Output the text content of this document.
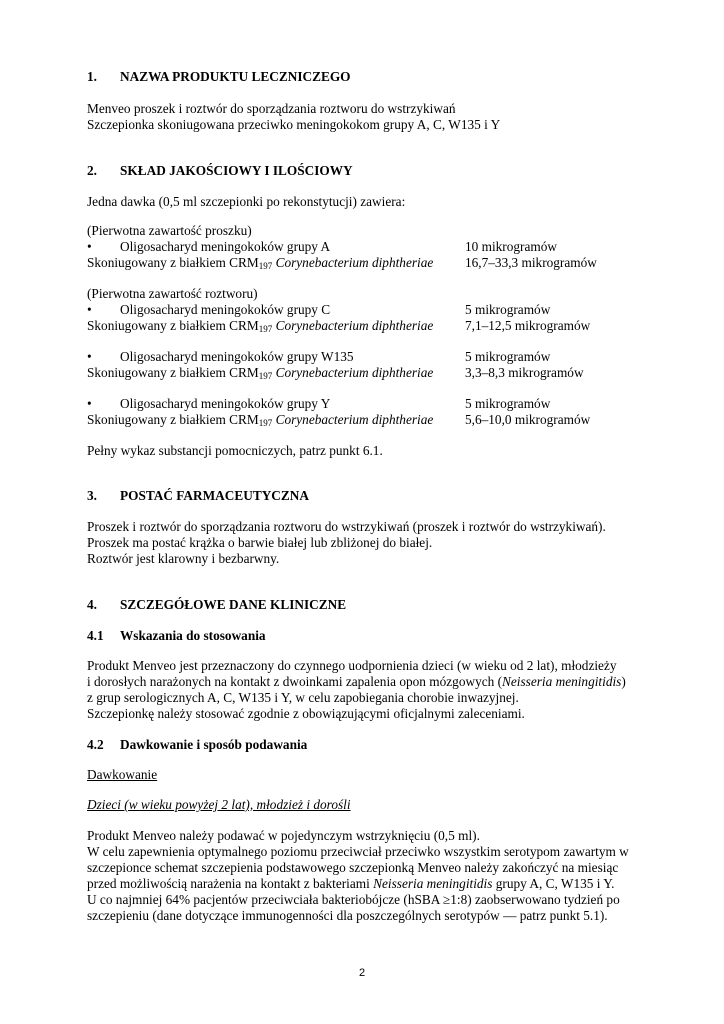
1. NAZWA PRODUKTU LECZNICZEGO
Menveo proszek i roztwór do sporządzania roztworu do wstrzykiwań
Szczepionka skoniugowana przeciwko meningokokom grupy A, C, W135 i Y
2. SKŁAD JAKOŚCIOWY I ILOŚCIOWY
Jedna dawka (0,5 ml szczepionki po rekonstytucji) zawiera:
(Pierwotna zawartość proszku)
• Oligosacharyd meningokoków grupy A	10 mikrogramów
Skoniugowany z białkiem $CRM_{197}$ Corynebacterium diphtheriae 16,7–33,3 mikrogramów
(Pierwotna zawartość roztworu)
• Oligosacharyd meningokoków grupy C	5 mikrogramów
Skoniugowany z białkiem $CRM_{197}$ Corynebacterium diphtheriae 7,1–12,5 mikrogramów
• Oligosacharyd meningokoków grupy W135	5 mikrogramów
Skoniugowany z białkiem $CRM_{197}$ Corynebacterium diphtheriae 3,3–8,3 mikrogramów
• Oligosacharyd meningokoków grupy Y	5 mikrogramów
Skoniugowany z białkiem $CRM_{197}$ Corynebacterium diphtheriae 5,6–10,0 mikrogramów
Pełny wykaz substancji pomocniczych, patrz punkt 6.1.
3. POSTAĆ FARMACEUTYCZNA
Proszek i roztwór do sporządzania roztworu do wstrzykiwań (proszek i roztwór do wstrzykiwań).
Proszek ma postać krążka o barwie białej lub zbliżonej do białej.
Roztwór jest klarowny i bezbarwny.
4. SZCZEGÓŁOWE DANE KLINICZNE
4.1 Wskazania do stosowania
Produkt Menveo jest przeznaczony do czynnego uodpornienia dzieci (w wieku od 2 lat), młodzieży
i dorosłych narażonych na kontakt z dwoinkami zapalenia opon mózgowych (Neisseria meningitidis)
z grup serologicznych A, C, W135 i Y, w celu zapobiegania chorobie inwazyjnej.
Szczepionkę należy stosować zgodnie z obowiązującymi oficjalnymi zaleceniami.
4.2 Dawkowanie i sposób podawania
Dawkowanie
Dzieci (w wieku powyżej 2 lat), młodzież i dorośli
Produkt Menveo należy podawać w pojedynczym wstrzyknięciu (0,5 ml).
W celu zapewnienia optymalnego poziomu przeciwciał przeciwko wszystkim serotypom zawartym w
szczepionce schemat szczepienia podstawowego szczepionką Menveo należy zakończyć na miesiąc
przed możliwością narażenia na kontakt z bakteriami Neisseria meningitidis grupy A, C, W135 i Y.
U co najmniej 64% pacjentów przeciwciała bakteriobójcze (hSBA ≥1:8) zaobserwowano tydzień po
szczepieniu (dane dotyczące immunogenności dla poszczególnych serotypów — patrz punkt 5.1).
2
